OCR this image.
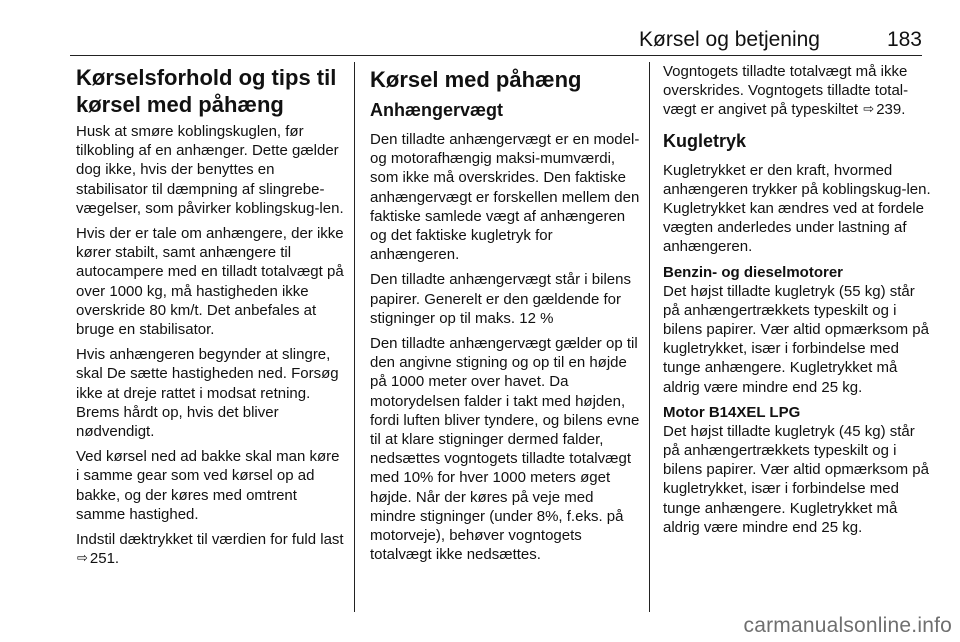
Kørsel og betjening	183
Kørselsforhold og tips til kørsel med påhæng

Husk at smøre koblingskuglen, før tilkobling af en anhænger. Dette gælder dog ikke, hvis der benyttes en stabilisator til dæmpning af slingrebe-vægelser, som påvirker koblingskug-len.

Hvis der er tale om anhængere, der ikke kører stabilt, samt anhængere til autocampere med en tilladt totalvægt på over 1000 kg, må hastigheden ikke overskride 80 km/t. Det anbefales at bruge en stabilisator.

Hvis anhængeren begynder at slingre, skal De sætte hastigheden ned. Forsøg ikke at dreje rattet i modsat retning. Brems hårdt op, hvis det bliver nødvendigt.

Ved kørsel ned ad bakke skal man køre i samme gear som ved kørsel op ad bakke, og der køres med omtrent samme hastighed.

Indstil dæktrykket til værdien for fuld last ⇨ 251.

Kørsel med påhæng
Anhængervægt

Den tilladte anhængervægt er en model- og motorafhængig maksi-mumværdi, som ikke må overskrides. Den faktiske anhængervægt er forskellen mellem den faktiske samlede vægt af anhængeren og det faktiske kugletryk for anhængeren.

Den tilladte anhængervægt står i bilens papirer. Generelt er den gældende for stigninger op til maks. 12 %

Den tilladte anhængervægt gælder op til den angivne stigning og op til en højde på 1000 meter over havet. Da motorydelsen falder i takt med højden, fordi luften bliver tyndere, og bilens evne til at klare stigninger dermed falder, nedsættes vogntogets tilladte totalvægt med 10% for hver 1000 meters øget højde. Når der køres på veje med mindre stigninger (under 8%, f.eks. på motorveje), behøver vogntogets totalvægt ikke nedsættes.

Vogntogets tilladte totalvægt må ikke overskrides. Vogntogets tilladte total-vægt er angivet på typeskiltet ⇨ 239.

Kugletryk

Kugletrykket er den kraft, hvormed anhængeren trykker på koblingskug-len. Kugletrykket kan ændres ved at fordele vægten anderledes under lastning af anhængeren.

Benzin- og dieselmotorer

Det højst tilladte kugletryk (55 kg) står på anhængertrækkets typeskilt og i bilens papirer. Vær altid opmærksom på kugletrykket, især i forbindelse med tunge anhængere. Kugletrykket må aldrig være mindre end 25 kg.

Motor B14XEL LPG

Det højst tilladte kugletryk (45 kg) står på anhængertrækkets typeskilt og i bilens papirer. Vær altid opmærksom på kugletrykket, især i forbindelse med tunge anhængere. Kugletrykket må aldrig være mindre end 25 kg.

carmanualsonline.info
